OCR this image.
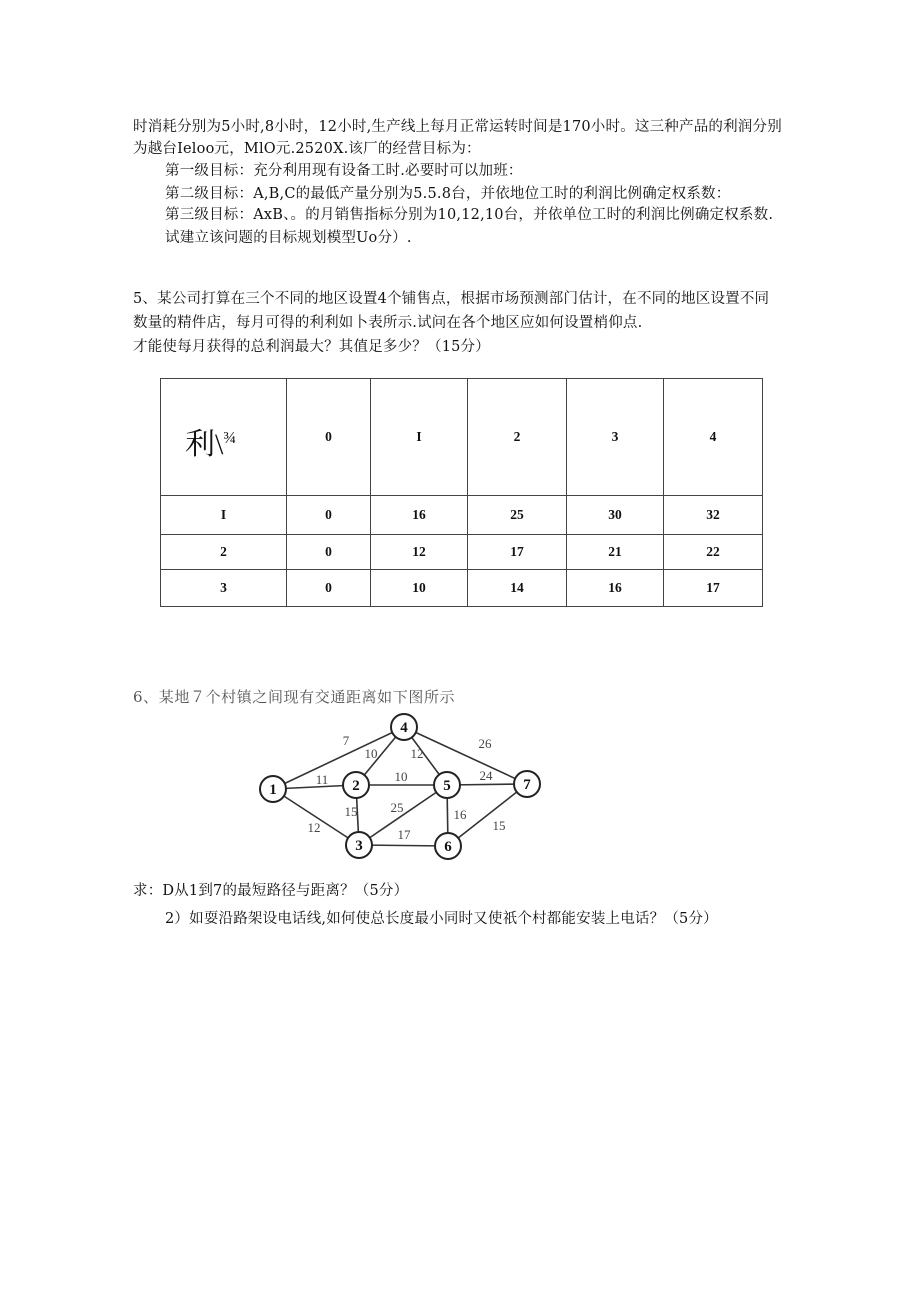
时消耗分别为5小时,8小时，12小时,生产线上每月正常运转时间是170小时。这三种产品的利润分别
为越台Ieloo元，MlO元.2520X.该厂的经营目标为：
第一级目标：充分利用现有设备工时.必要时可以加班：
第二级目标：A,B,C的最低产量分别为5.5.8台，并依地位工时的利润比例确定权系数：
第三级目标：AxB、。的月销售指标分别为10,12,10台，并依单位工时的利润比例确定权系数.
试建立该问题的目标规划模型Uo分）.
5、某公司打算在三个不同的地区设置4个铺售点，根据市场预测部门估计，在不同的地区设置不同
数量的精件店，每月可得的利利如卜表所示.试问在各个地区应如何设置梢仰点.
才能使每月获得的总利润最大？其值足多少？（15分）
利\$^{\frac{3}{4}}$	0	I	2	3	4
I	0	16	25	30	32
2	0	12	17	21	22
3	0	10	14	16	17
6、某地７个村镇之间现有交通距离如下图所示
7
11
12
10
10
15
12
26
24
25
17
16
15
1	2
3
4
5
6
7
求：D从1到7的最短路径与距离？（5分）
2）如耍沿路架设电话线,如何使总长度最小同时又使祇个村都能安装上电话？（5分）
